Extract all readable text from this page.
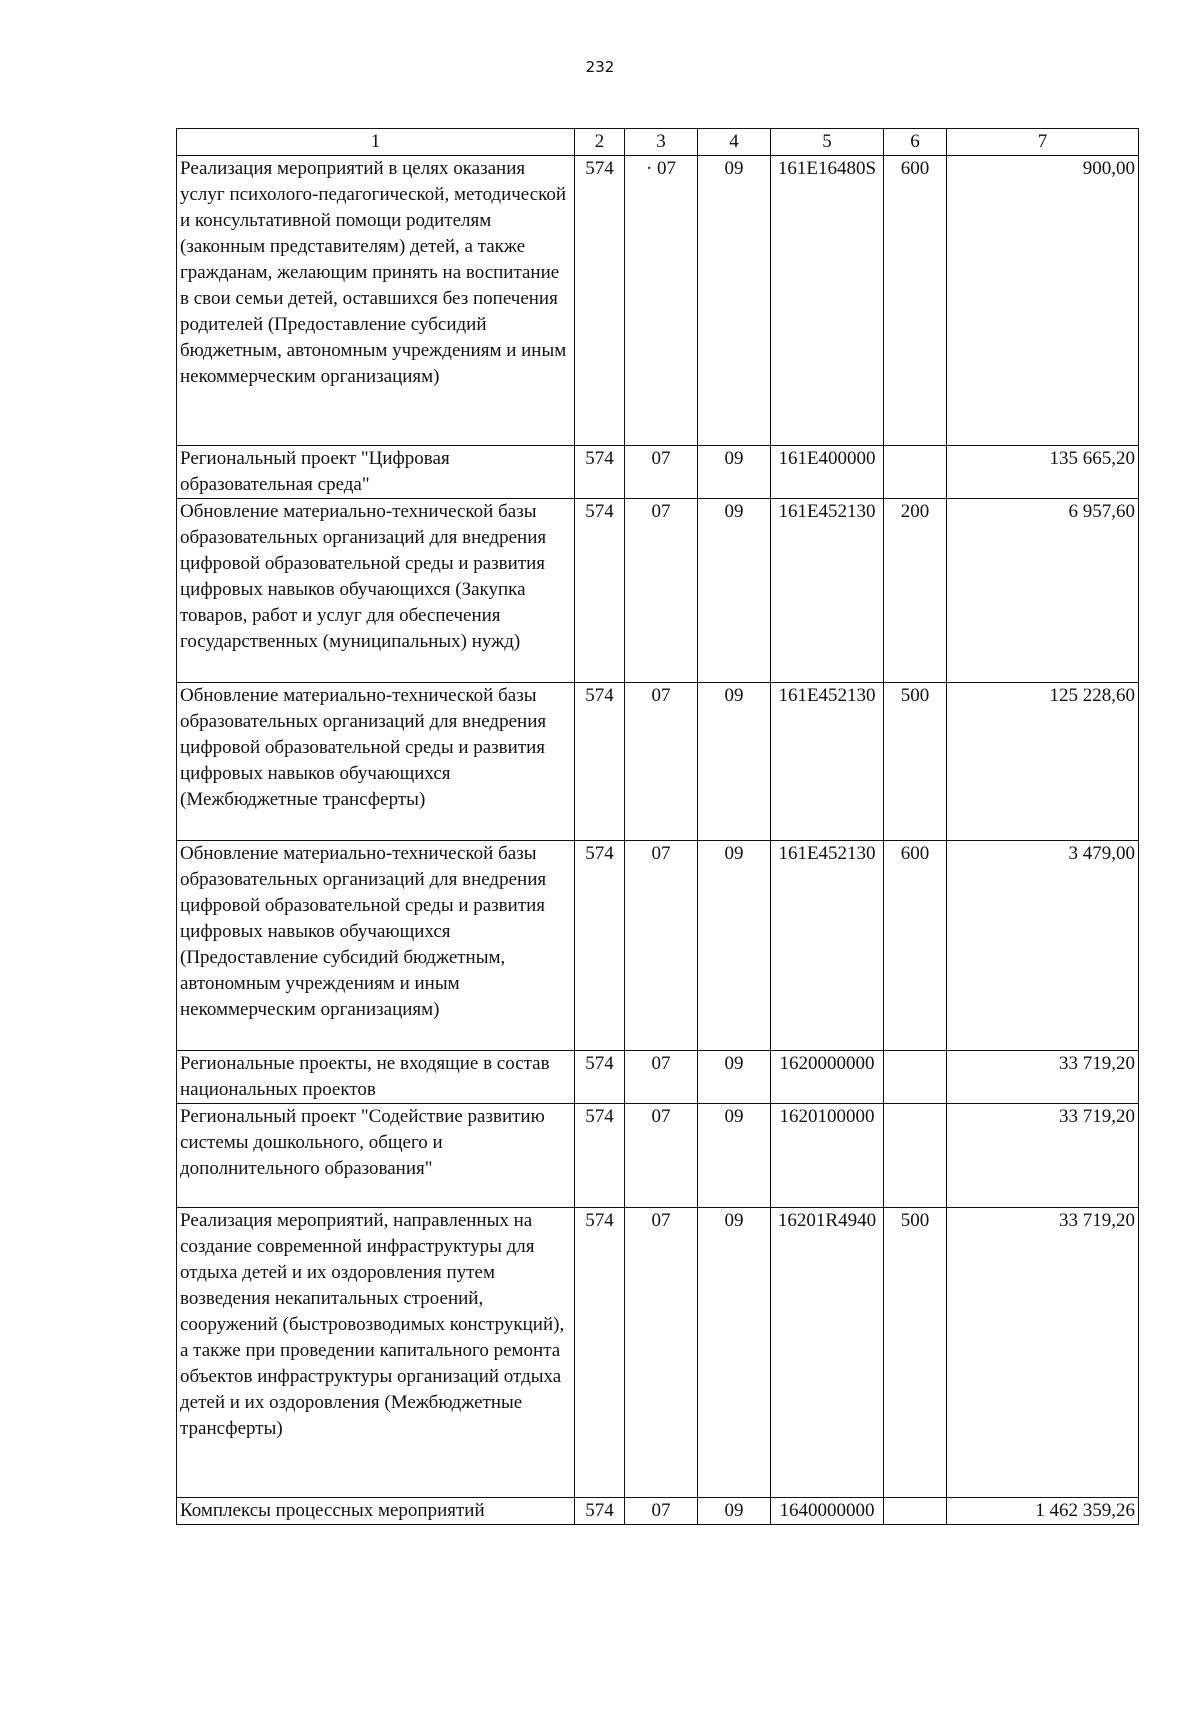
232
1	2	3	4	5	6	7
Реализация мероприятий в целях оказания услуг психолого-педагогической, методической и консультативной помощи родителям (законным представителям) детей, а также гражданам, желающим принять на воспитание в свои семьи детей, оставшихся без попечения родителей (Предоставление субсидий бюджетным, автономным учреждениям и иным некоммерческим организациям)	574	· 07	09	161E16480S	600	900,00
Региональный проект "Цифровая образовательная среда"	574	07	09	161E400000		135 665,20
Обновление материально-технической базы образовательных организаций для внедрения цифровой образовательной среды и развития цифровых навыков обучающихся (Закупка товаров, работ и услуг для обеспечения государственных (муниципальных) нужд)	574	07	09	161E452130	200	6 957,60
Обновление материально-технической базы образовательных организаций для внедрения цифровой образовательной среды и развития цифровых навыков обучающихся (Межбюджетные трансферты)	574	07	09	161E452130	500	125 228,60
Обновление материально-технической базы образовательных организаций для внедрения цифровой образовательной среды и развития цифровых навыков обучающихся (Предоставление субсидий бюджетным, автономным учреждениям и иным некоммерческим организациям)	574	07	09	161E452130	600	3 479,00
Региональные проекты, не входящие в состав национальных проектов	574	07	09	1620000000		33 719,20
Региональный проект "Содействие развитию системы дошкольного, общего и дополнительного образования"	574	07	09	1620100000		33 719,20
Реализация мероприятий, направленных на создание современной инфраструктуры для отдыха детей и их оздоровления путем возведения некапитальных строений, сооружений (быстровозводимых конструкций), а также при проведении капитального ремонта объектов инфраструктуры организаций отдыха детей и их оздоровления (Межбюджетные трансферты)	574	07	09	16201R4940	500	33 719,20
Комплексы процессных мероприятий	574	07	09	1640000000		1 462 359,26
